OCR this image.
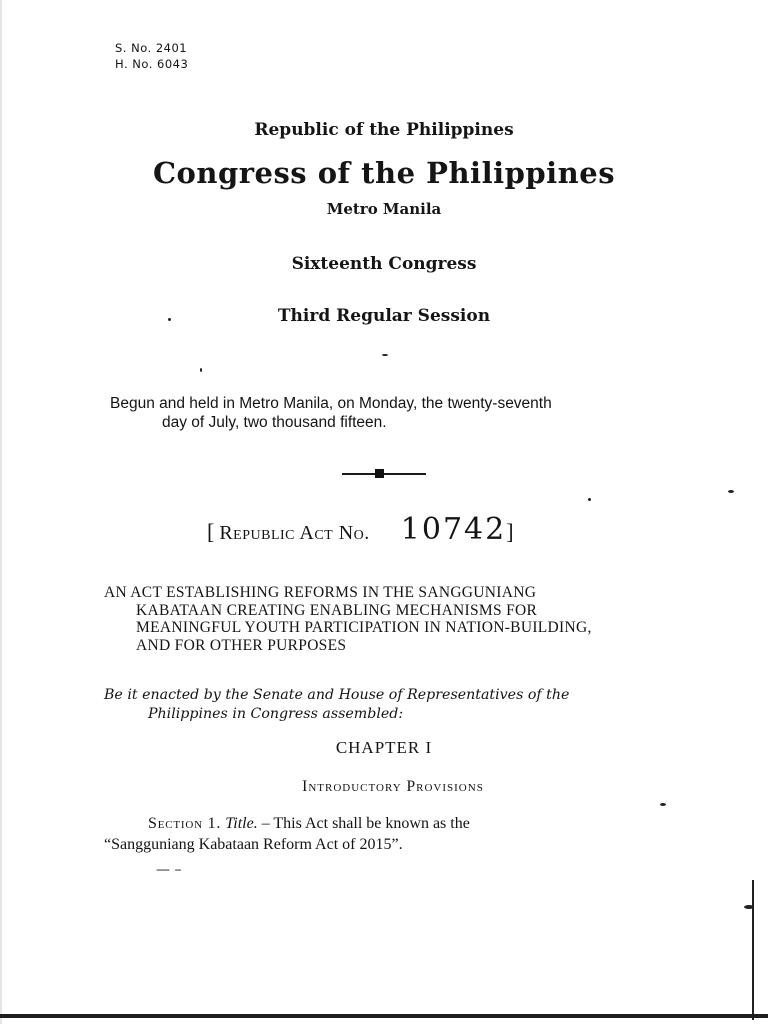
S. No. 2401
H. No. 6043
Republic of the Philippines
Congress of the Philippines
Metro Manila
Sixteenth Congress
Third Regular Session
Begun and held in Metro Manila, on Monday, the twenty-seventh
day of July, two thousand fifteen.
[ Republic Act No. 10742]
AN ACT ESTABLISHING REFORMS IN THE SANGGUNIANG
KABATAAN CREATING ENABLING MECHANISMS FOR
MEANINGFUL YOUTH PARTICIPATION IN NATION-BUILDING,
AND FOR OTHER PURPOSES
Be it enacted by the Senate and House of Representatives of the
Philippines in Congress assembled:
CHAPTER I
Introductory Provisions
Section 1. Title. – This Act shall be known as the
“Sangguniang Kabataan Reform Act of 2015”.
— –
